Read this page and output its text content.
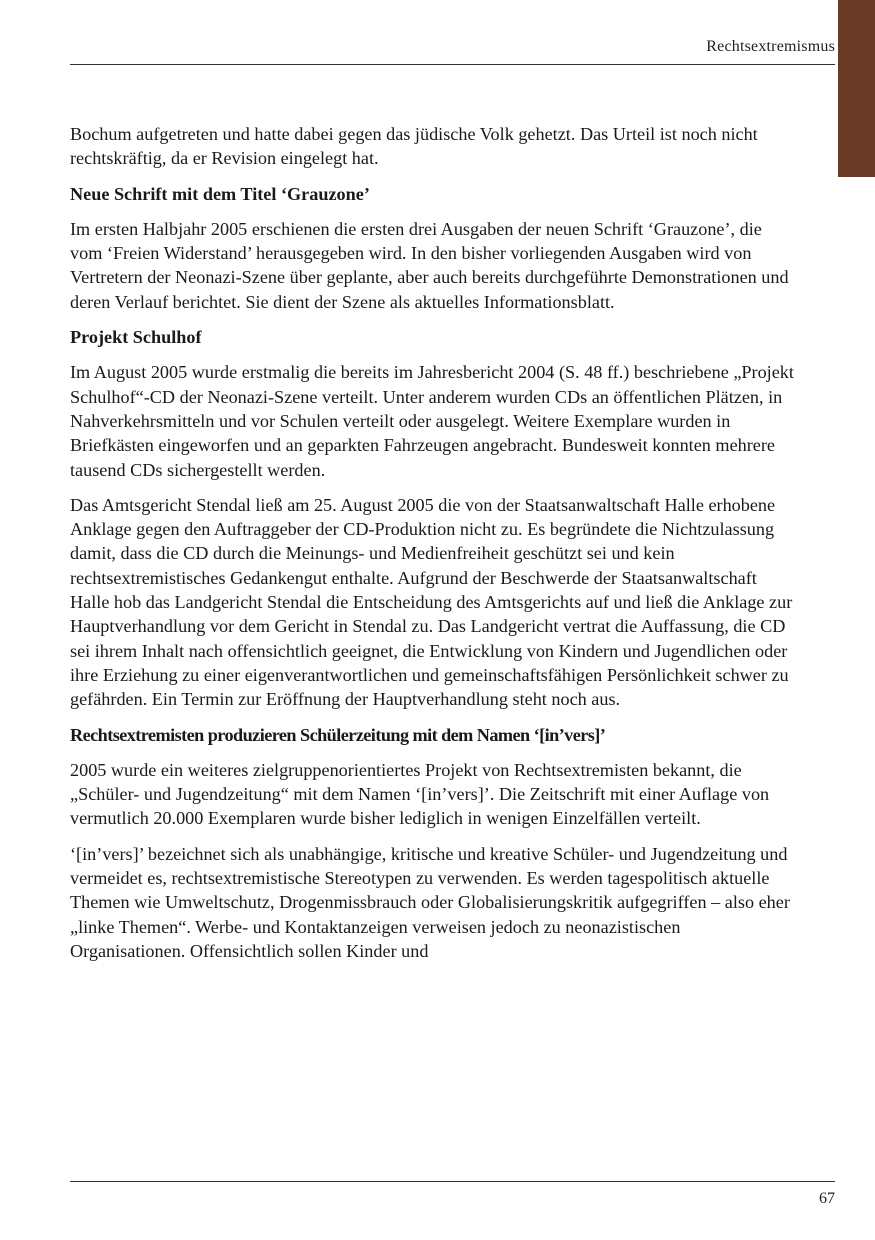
Rechtsextremismus

Bochum aufgetreten und hatte dabei gegen das jüdische Volk gehetzt. Das Urteil ist noch nicht rechtskräftig, da er Revision eingelegt hat.

Neue Schrift mit dem Titel ‘Grauzone’

Im ersten Halbjahr 2005 erschienen die ersten drei Ausgaben der neuen Schrift ‘Grauzone’, die vom ‘Freien Widerstand’ herausgegeben wird. In den bisher vorliegenden Ausgaben wird von Vertretern der Neonazi-Szene über geplante, aber auch bereits durchgeführte Demonstrationen und deren Verlauf berichtet. Sie dient der Szene als aktuelles Informationsblatt.

Projekt Schulhof

Im August 2005 wurde erstmalig die bereits im Jahresbericht 2004 (S. 48 ff.) beschriebene „Projekt Schulhof“-CD der Neonazi-Szene verteilt. Unter anderem wurden CDs an öffentlichen Plätzen, in Nahverkehrsmitteln und vor Schulen verteilt oder ausgelegt. Weitere Exemplare wurden in Briefkästen eingeworfen und an geparkten Fahrzeugen angebracht. Bundesweit konnten mehrere tausend CDs sichergestellt werden.

Das Amtsgericht Stendal ließ am 25. August 2005 die von der Staatsanwaltschaft Halle erhobene Anklage gegen den Auftraggeber der CD-Produktion nicht zu. Es begründete die Nichtzulassung damit, dass die CD durch die Meinungs- und Medienfreiheit geschützt sei und kein rechtsextremistisches Gedankengut enthalte. Aufgrund der Beschwerde der Staatsanwaltschaft Halle hob das Landgericht Stendal die Entscheidung des Amtsgerichts auf und ließ die Anklage zur Hauptverhandlung vor dem Gericht in Stendal zu. Das Landgericht vertrat die Auffassung, die CD sei ihrem Inhalt nach offensichtlich geeignet, die Entwicklung von Kindern und Jugendlichen oder ihre Erziehung zu einer eigenverantwortlichen und gemeinschaftsfähigen Persönlichkeit schwer zu gefährden. Ein Termin zur Eröffnung der Hauptverhandlung steht noch aus.

Rechtsextremisten produzieren Schülerzeitung mit dem Namen ‘[in’vers]’

2005 wurde ein weiteres zielgruppenorientiertes Projekt von Rechtsextremisten bekannt, die „Schüler- und Jugendzeitung“ mit dem Namen ‘[in’vers]’. Die Zeitschrift mit einer Auflage von vermutlich 20.000 Exemplaren wurde bisher lediglich in wenigen Einzelfällen verteilt.

‘[in’vers]’ bezeichnet sich als unabhängige, kritische und kreative Schüler- und Jugendzeitung und vermeidet es, rechtsextremistische Stereotypen zu verwenden. Es werden tagespolitisch aktuelle Themen wie Umweltschutz, Drogenmissbrauch oder Globalisierungskritik aufgegriffen – also eher „linke Themen“. Werbe- und Kontaktanzeigen verweisen jedoch zu neonazistischen Organisationen. Offensichtlich sollen Kinder und

67
